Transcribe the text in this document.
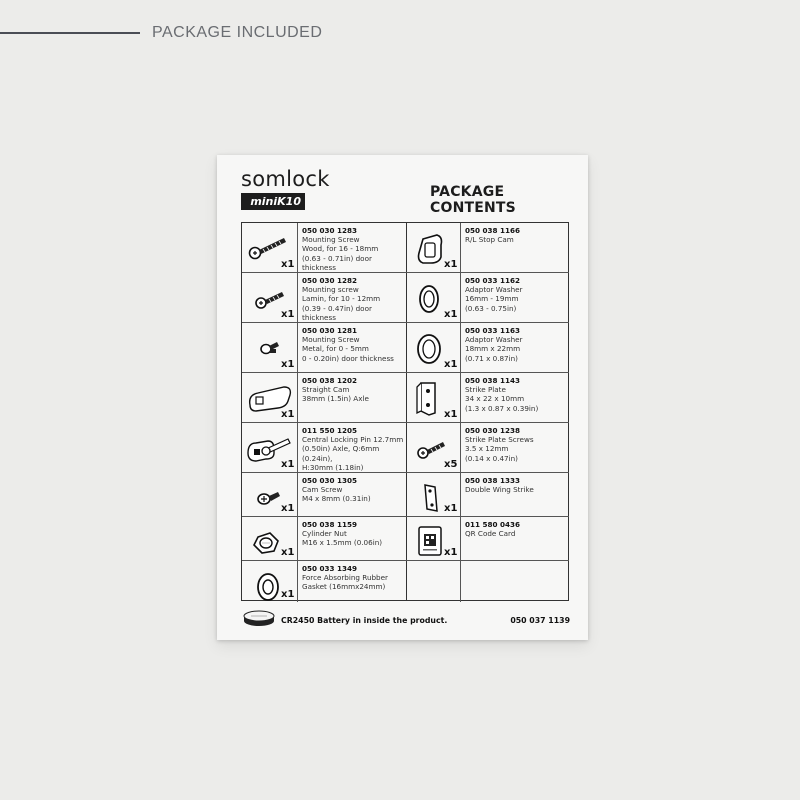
PACKAGE INCLUDED
somlock
miniK10
PACKAGE CONTENTS
x1
050 030 1283
Mounting Screw
Wood, for 16 - 18mm
(0.63 - 0.71in) door thickness
x1
050 030 1282
Mounting screw
Lamin, for 10 - 12mm
(0.39 - 0.47in) door thickness
x1
050 030 1281
Mounting Screw
Metal, for 0 - 5mm
0 - 0.20in) door thickness
x1
050 038 1202
Straight Cam
38mm (1.5in) Axle
x1
011 550 1205
Central Locking Pin 12.7mm
(0.50in) Axle, Q:6mm (0.24in),
H:30mm (1.18in)
x1
050 030 1305
Cam Screw
M4 x 8mm (0.31in)
x1
050 038 1159
Cylinder Nut
M16 x 1.5mm (0.06in)
x1
050 033 1349
Force Absorbing Rubber
Gasket (16mmx24mm)
x1
050 038 1166
R/L Stop Cam
x1
050 033 1162
Adaptor Washer
16mm - 19mm
(0.63 - 0.75in)
x1
050 033 1163
Adaptor Washer
18mm x 22mm
(0.71 x 0.87in)
x1
050 038 1143
Strike Plate
34 x 22 x 10mm
(1.3 x 0.87 x 0.39in)
x5
050 030 1238
Strike Plate Screws
3.5 x 12mm
(0.14 x 0.47in)
x1
050 038 1333
Double Wing Strike
x1
011 580 0436
QR Code Card
CR2450 Battery in inside the product.	050 037 1139
